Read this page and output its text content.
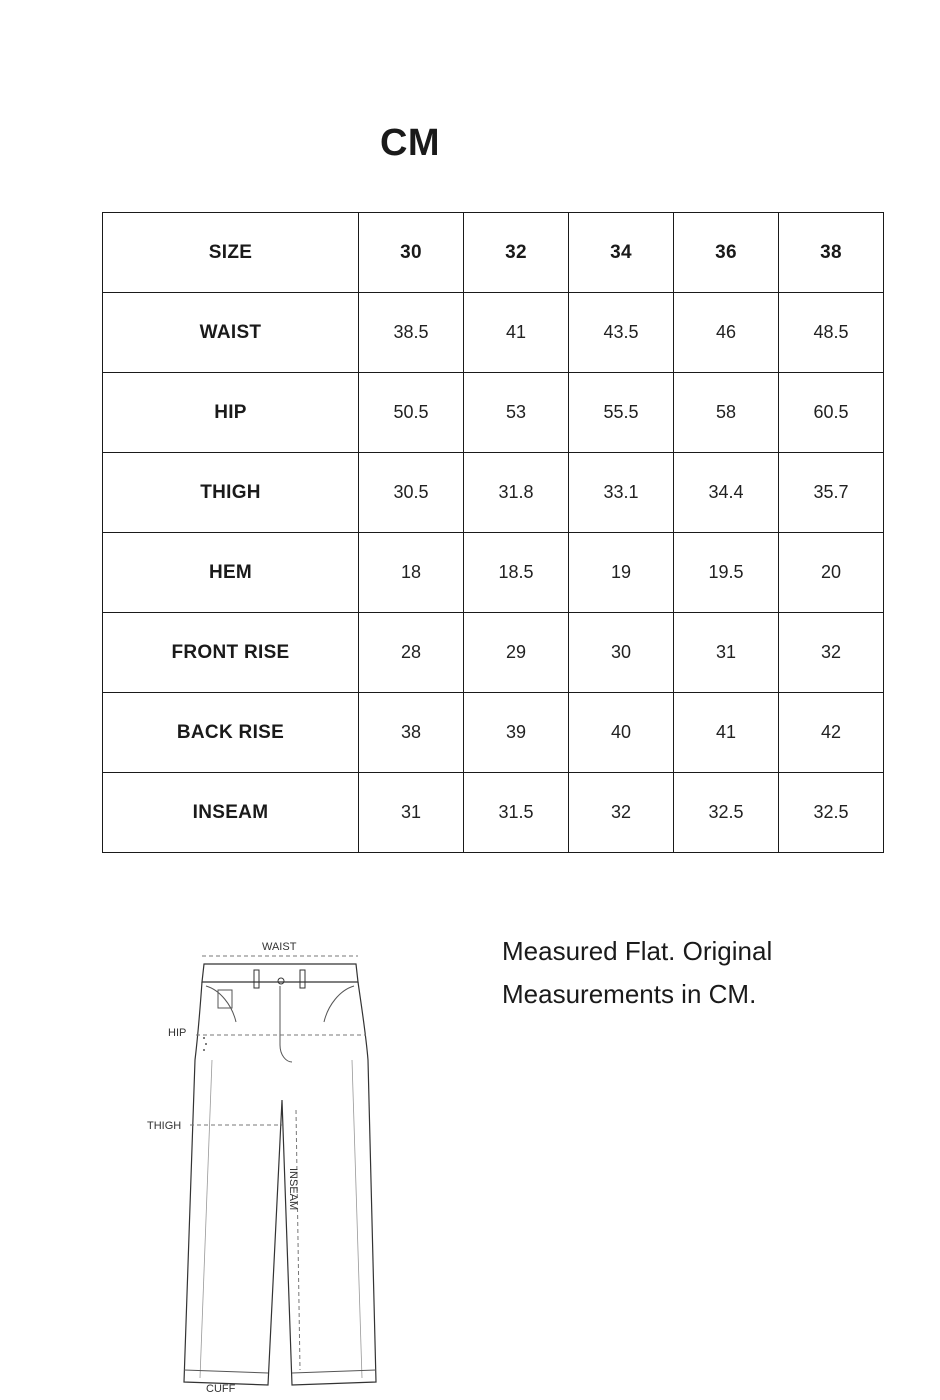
CM
SIZE	30	32	34	36	38
WAIST	38.5	41	43.5	46	48.5
HIP	50.5	53	55.5	58	60.5
THIGH	30.5	31.8	33.1	34.4	35.7
HEM	18	18.5	19	19.5	20
FRONT RISE	28	29	30	31	32
BACK RISE	38	39	40	41	42
INSEAM	31	31.5	32	32.5	32.5
WAIST
HIP
THIGH
INSEAM
CUFF

Measured Flat. Original
Measurements in CM.
